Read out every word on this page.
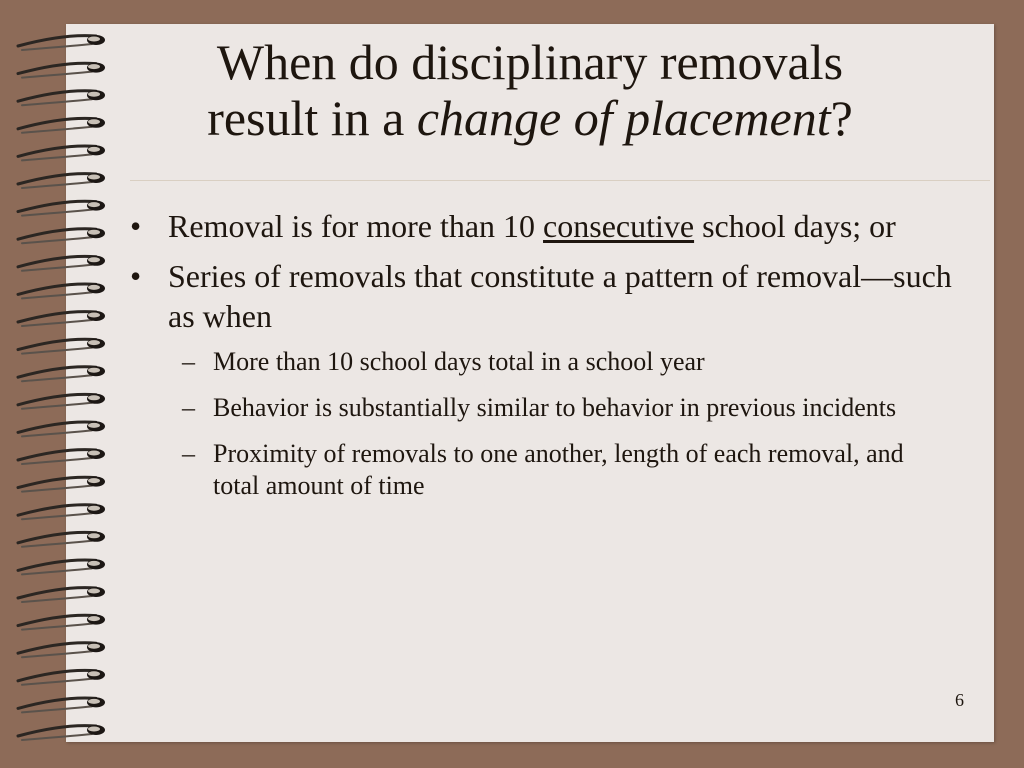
When do disciplinary removals
result in a change of placement?
• Removal is for more than 10 consecutive school days; or
• Series of removals that constitute a pattern of removal—such as when
– More than 10 school days total in a school year
– Behavior is substantially similar to behavior in previous incidents
– Proximity of removals to one another, length of each removal, and total amount of time
6
